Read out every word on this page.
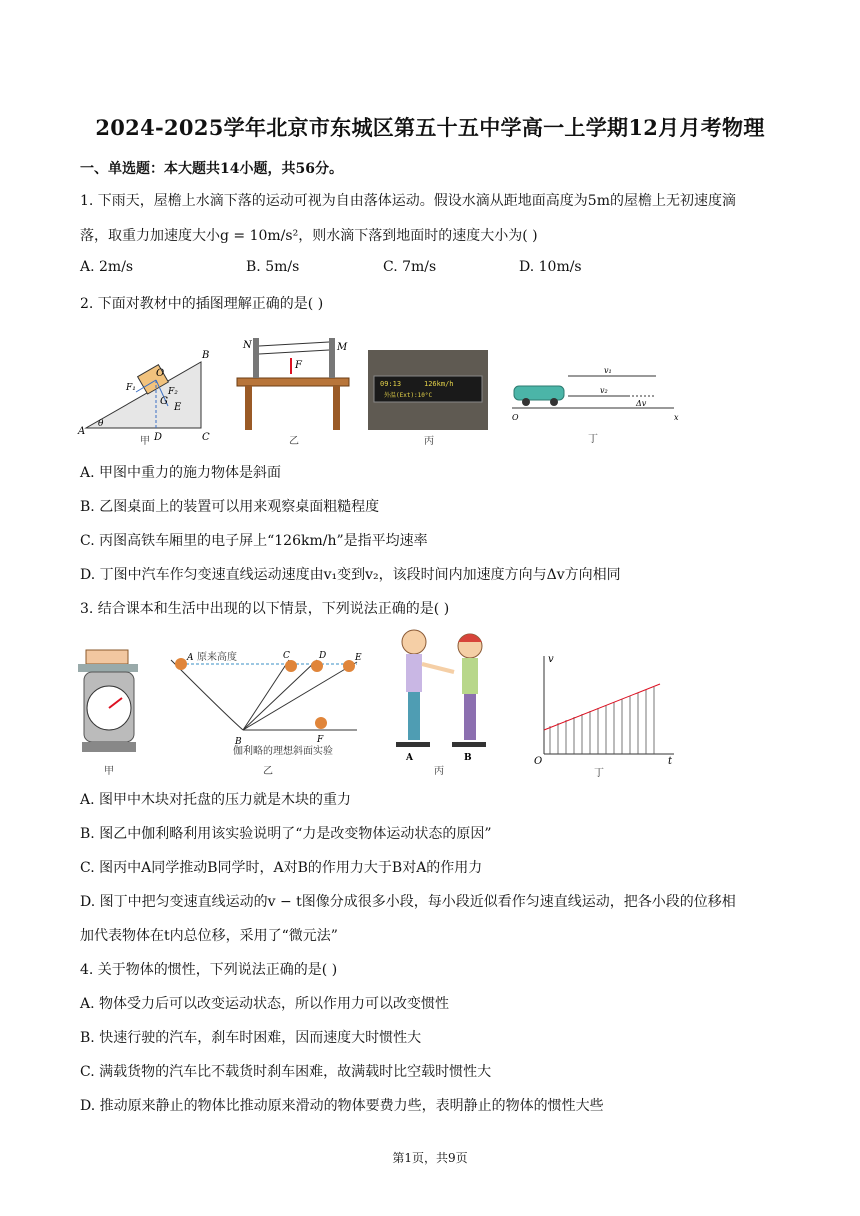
2024-2025学年北京市东城区第五十五中学高一上学期12月月考物理
一、单选题：本大题共14小题，共56分。
1. 下雨天，屋檐上水滴下落的运动可视为自由落体运动。假设水滴从距地面高度为5m的屋檐上无初速度滴
落，取重力加速度大小g = 10m/s²，则水滴下落到地面时的速度大小为( )
A. 2m/s	B. 5m/s	C. 7m/s	D. 10m/s
2. 下面对教材中的插图理解正确的是( )
A
B
C
D
O
E
G
F₁	F₂
θ
甲
N	M
F
乙
09:13	126km/h
外温(Ext):10°C
丙
v₁
v₂
Δv
O	x
丁
A. 甲图中重力的施力物体是斜面
B. 乙图桌面上的装置可以用来观察桌面粗糙程度
C. 丙图高铁车厢里的电子屏上“126km/h”是指平均速率
D. 丁图中汽车作匀变速直线运动速度由v₁变到v₂，该段时间内加速度方向与Δv方向相同
3. 结合课本和生活中出现的以下情景，下列说法正确的是( )
甲
A
B
C	D	E
F
原来高度
伽利略的理想斜面实验
乙
A	B
丙
v
t
O
丁
A. 图甲中木块对托盘的压力就是木块的重力
B. 图乙中伽利略利用该实验说明了“力是改变物体运动状态的原因”
C. 图丙中A同学推动B同学时，A对B的作用力大于B对A的作用力
D. 图丁中把匀变速直线运动的v − t图像分成很多小段，每小段近似看作匀速直线运动，把各小段的位移相
加代表物体在t内总位移，采用了“微元法”
4. 关于物体的惯性，下列说法正确的是( )
A. 物体受力后可以改变运动状态，所以作用力可以改变惯性
B. 快速行驶的汽车，刹车时困难，因而速度大时惯性大
C. 满载货物的汽车比不载货时刹车困难，故满载时比空载时惯性大
D. 推动原来静止的物体比推动原来滑动的物体要费力些，表明静止的物体的惯性大些
第1页，共9页
